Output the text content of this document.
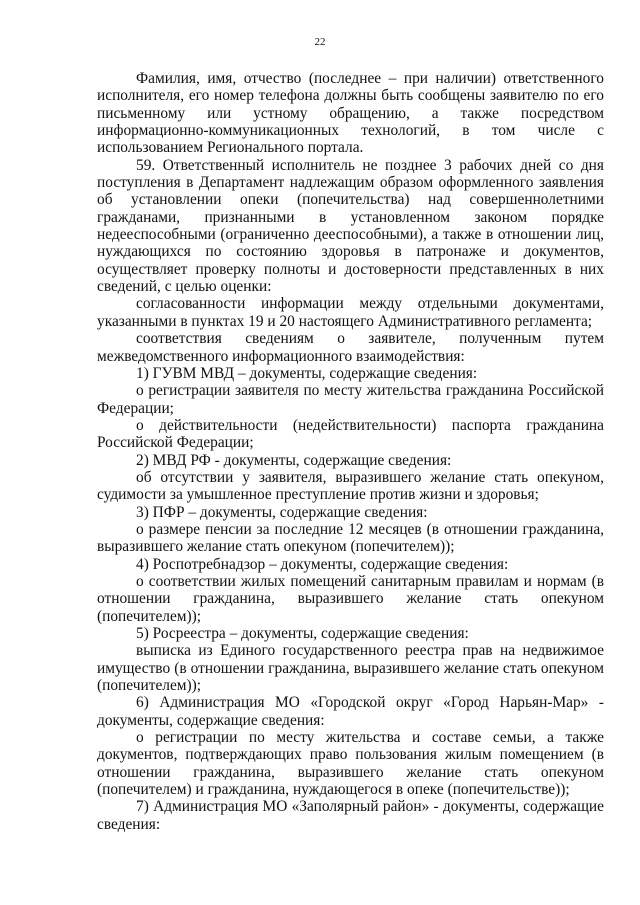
22

Фамилия, имя, отчество (последнее – при наличии) ответственного исполнителя, его номер телефона должны быть сообщены заявителю по его письменному или устному обращению, а также посредством информационно-коммуникационных технологий, в том числе с использованием Регионального портала.

59. Ответственный исполнитель не позднее 3 рабочих дней со дня поступления в Департамент надлежащим образом оформленного заявления об установлении опеки (попечительства) над совершеннолетними гражданами, признанными в установленном законом порядке недееспособными (ограниченно дееспособными), а также в отношении лиц, нуждающихся по состоянию здоровья в патронаже и документов, осуществляет проверку полноты и достоверности представленных в них сведений, с целью оценки:

согласованности информации между отдельными документами, указанными в пунктах 19 и 20 настоящего Административного регламента;

соответствия сведениям о заявителе, полученным путем межведомственного информационного взаимодействия:

1) ГУВМ МВД – документы, содержащие сведения:

о регистрации заявителя по месту жительства гражданина Российской Федерации;

о действительности (недействительности) паспорта гражданина Российской Федерации;

2) МВД РФ - документы, содержащие сведения:

об отсутствии у заявителя, выразившего желание стать опекуном, судимости за умышленное преступление против жизни и здоровья;

3) ПФР – документы, содержащие сведения:

о размере пенсии за последние 12 месяцев (в отношении гражданина, выразившего желание стать опекуном (попечителем));

4) Роспотребнадзор – документы, содержащие сведения:

о соответствии жилых помещений санитарным правилам и нормам (в отношении гражданина, выразившего желание стать опекуном (попечителем));

5) Росреестра – документы, содержащие сведения:

выписка из Единого государственного реестра прав на недвижимое имущество (в отношении гражданина, выразившего желание стать опекуном (попечителем));

6) Администрация МО «Городской округ «Город Нарьян-Мар» - документы, содержащие сведения:

о регистрации по месту жительства и составе семьи, а также документов, подтверждающих право пользования жилым помещением (в отношении гражданина, выразившего желание стать опекуном (попечителем) и гражданина, нуждающегося в опеке (попечительстве));

7) Администрация МО «Заполярный район» - документы, содержащие сведения:
